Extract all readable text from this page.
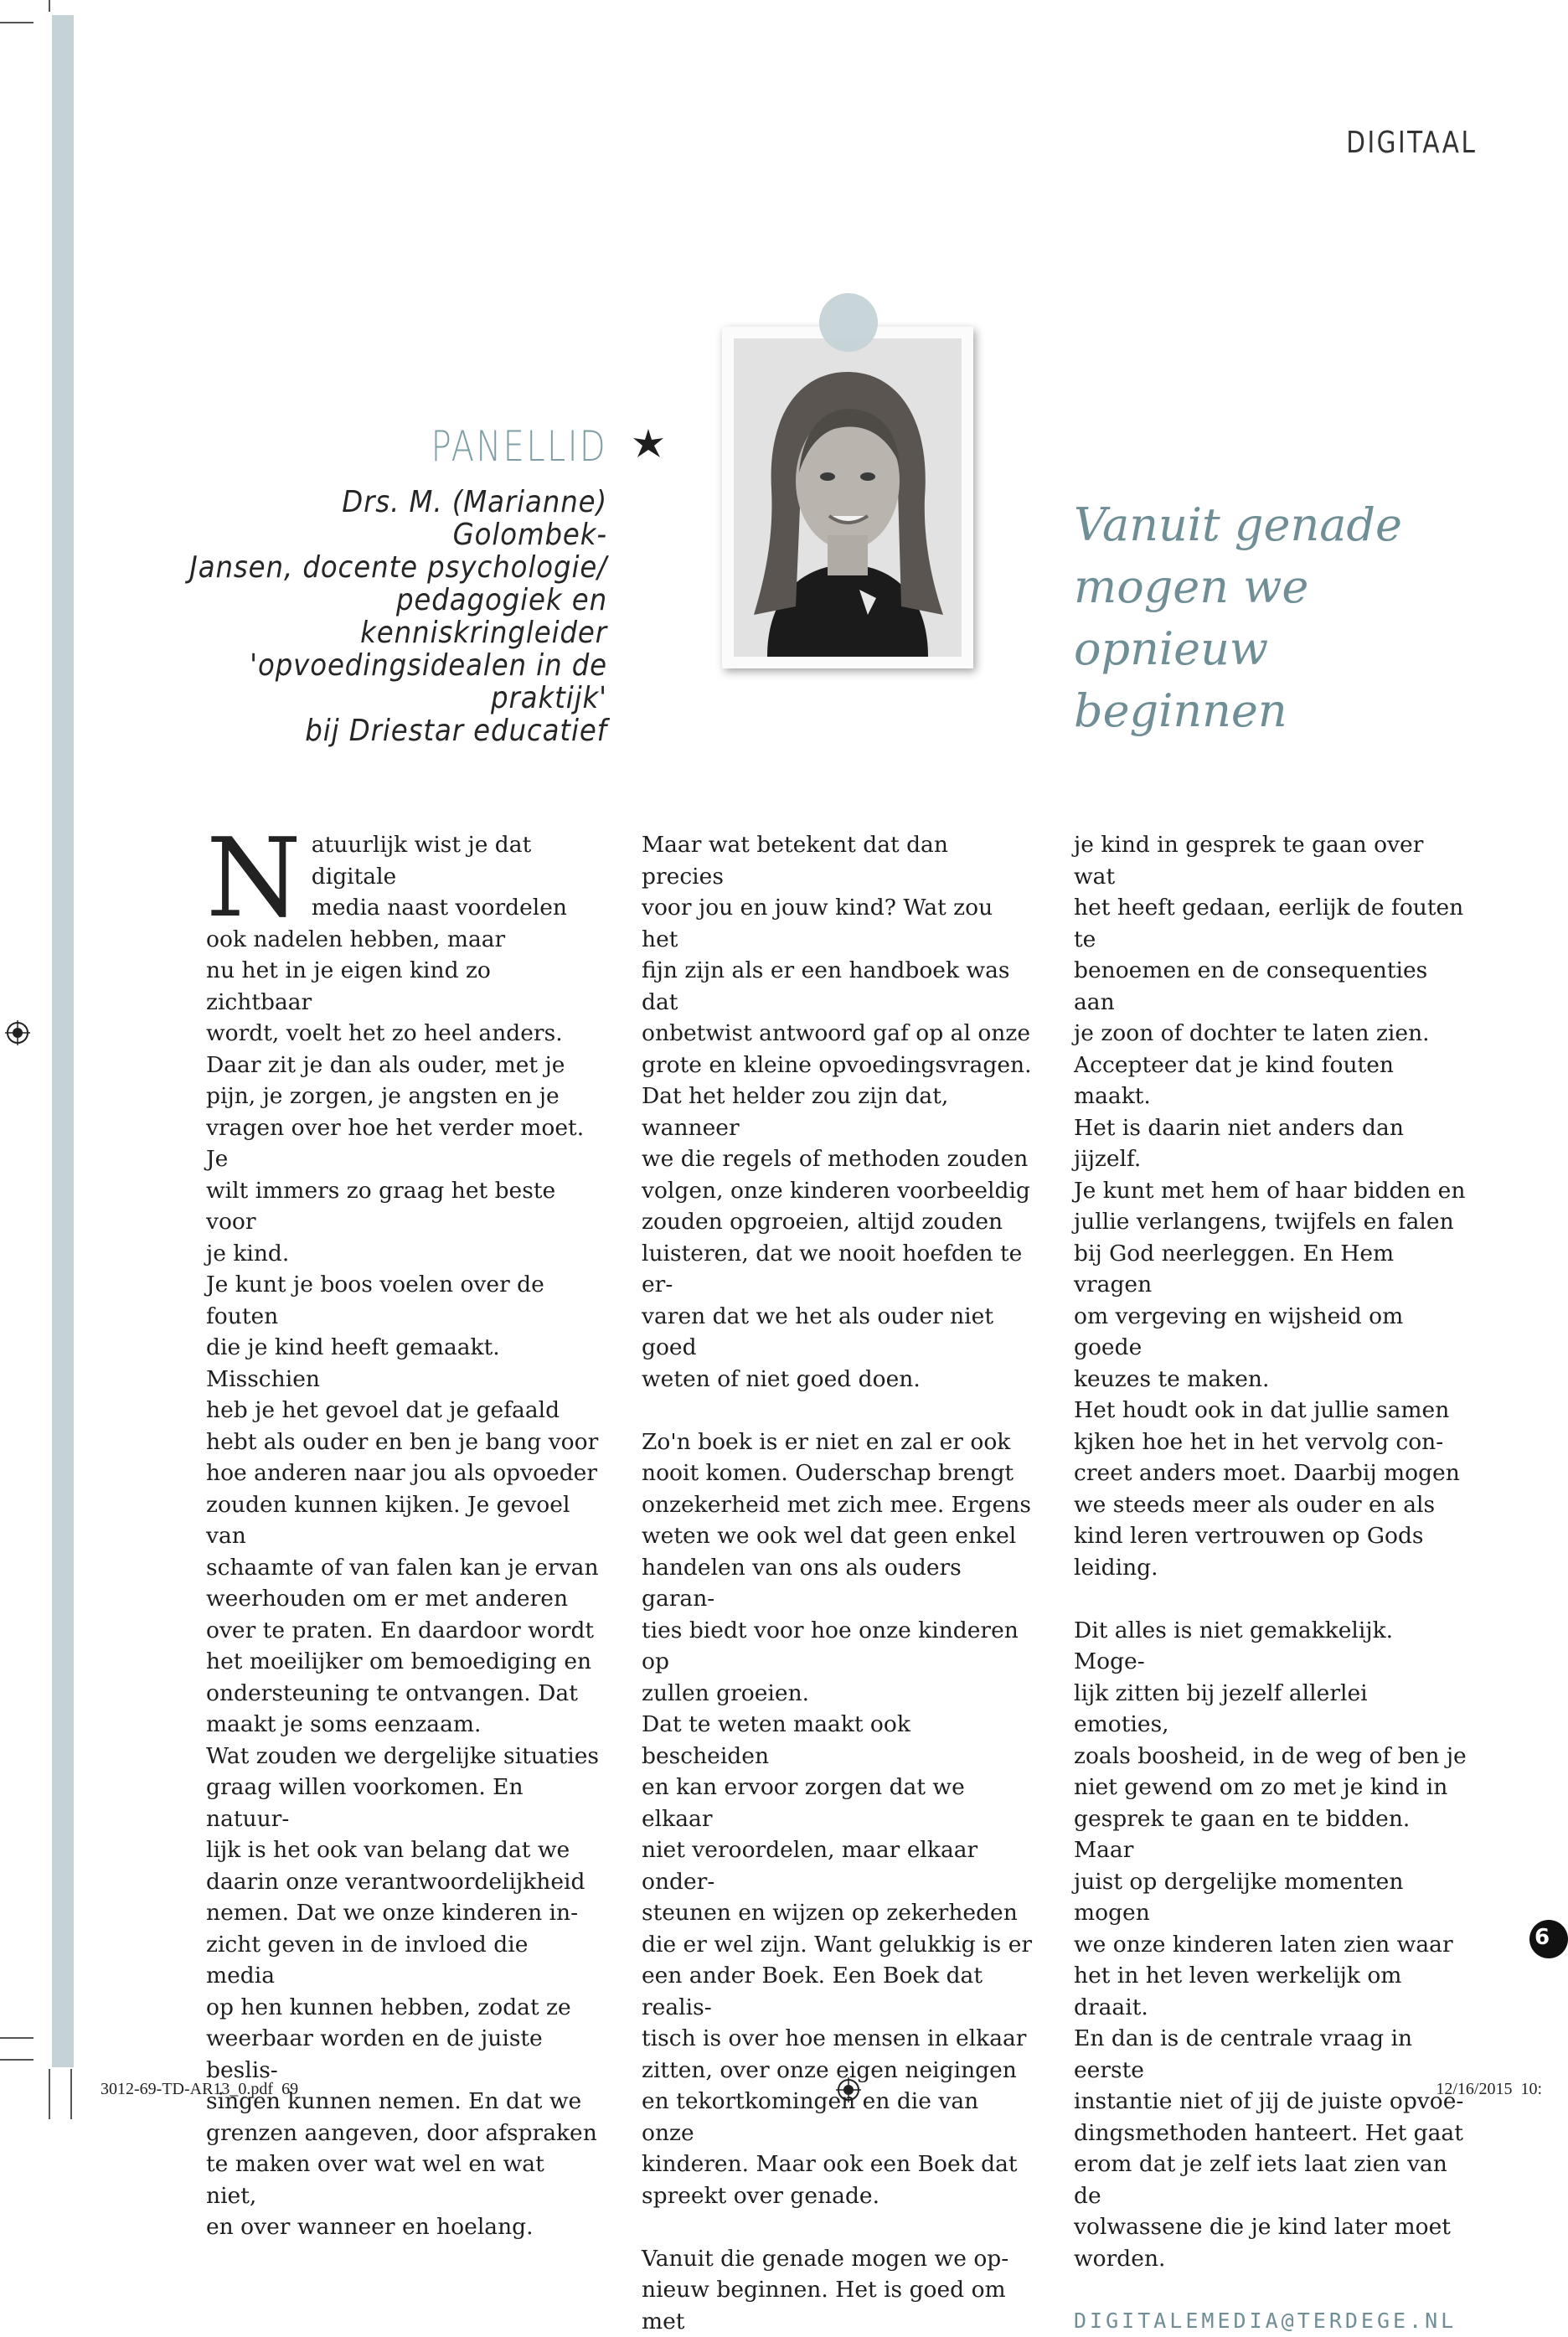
DIGITAAL
PANELLID
Drs. M. (Marianne) Golombek-
Jansen, docente psychologie/
pedagogiek en kenniskringleider
'opvoedingsidealen in de praktijk'
bij Driestar educatief
Vanuit genade mogen we opnieuw beginnen
N atuurlijk wist je dat digitale
media naast voordelen
ook nadelen hebben, maar
nu het in je eigen kind zo zichtbaar
wordt, voelt het zo heel anders.
Daar zit je dan als ouder, met je
pijn, je zorgen, je angsten en je
vragen over hoe het verder moet. Je
wilt immers zo graag het beste voor
je kind.

Je kunt je boos voelen over de fouten
die je kind heeft gemaakt. Misschien
heb je het gevoel dat je gefaald
hebt als ouder en ben je bang voor
hoe anderen naar jou als opvoeder
zouden kunnen kijken. Je gevoel van
schaamte of van falen kan je ervan
weerhouden om er met anderen
over te praten. En daardoor wordt
het moeilijker om bemoediging en
ondersteuning te ontvangen. Dat
maakt je soms eenzaam.

Wat zouden we dergelijke situaties
graag willen voorkomen. En natuur-
lijk is het ook van belang dat we
daarin onze verantwoordelijkheid
nemen. Dat we onze kinderen in-
zicht geven in de invloed die media
op hen kunnen hebben, zodat ze
weerbaar worden en de juiste beslis-
singen kunnen nemen. En dat we
grenzen aangeven, door afspraken
te maken over wat wel en wat niet,
en over wanneer en hoelang.

Maar wat betekent dat dan precies
voor jou en jouw kind? Wat zou het
fijn zijn als er een handboek was dat
onbetwist antwoord gaf op al onze
grote en kleine opvoedingsvragen.
Dat het helder zou zijn dat, wanneer
we die regels of methoden zouden
volgen, onze kinderen voorbeeldig
zouden opgroeien, altijd zouden
luisteren, dat we nooit hoefden te er-
varen dat we het als ouder niet goed
weten of niet goed doen.

Zo'n boek is er niet en zal er ook
nooit komen. Ouderschap brengt
onzekerheid met zich mee. Ergens
weten we ook wel dat geen enkel
handelen van ons als ouders garan-
ties biedt voor hoe onze kinderen op
zullen groeien.

Dat te weten maakt ook bescheiden
en kan ervoor zorgen dat we elkaar
niet veroordelen, maar elkaar onder-
steunen en wijzen op zekerheden
die er wel zijn. Want gelukkig is er
een ander Boek. Een Boek dat realis-
tisch is over hoe mensen in elkaar
zitten, over onze eigen neigingen
en tekortkomingen en die van onze
kinderen. Maar ook een Boek dat
spreekt over genade.

Vanuit die genade mogen we op-
nieuw beginnen. Het is goed om met

je kind in gesprek te gaan over wat
het heeft gedaan, eerlijk de fouten te
benoemen en de consequenties aan
je zoon of dochter te laten zien.
Accepteer dat je kind fouten maakt.
Het is daarin niet anders dan jijzelf.
Je kunt met hem of haar bidden en
jullie verlangens, twijfels en falen
bij God neerleggen. En Hem vragen
om vergeving en wijsheid om goede
keuzes te maken.

Het houdt ook in dat jullie samen
kjken hoe het in het vervolg con-
creet anders moet. Daarbij mogen
we steeds meer als ouder en als
kind leren vertrouwen op Gods
leiding.

Dit alles is niet gemakkelijk. Moge-
lijk zitten bij jezelf allerlei emoties,
zoals boosheid, in de weg of ben je
niet gewend om zo met je kind in
gesprek te gaan en te bidden. Maar
juist op dergelijke momenten mogen
we onze kinderen laten zien waar
het in het leven werkelijk om draait.
En dan is de centrale vraag in eerste
instantie niet of jij de juiste opvoe-
dingsmethoden hanteert. Het gaat
erom dat je zelf iets laat zien van de
volwassene die je kind later moet
worden.

DIGITALEMEDIA@TERDEGE.NL
6
3012-69-TD-AR13_0.pdf  69	12/16/2015  10:
